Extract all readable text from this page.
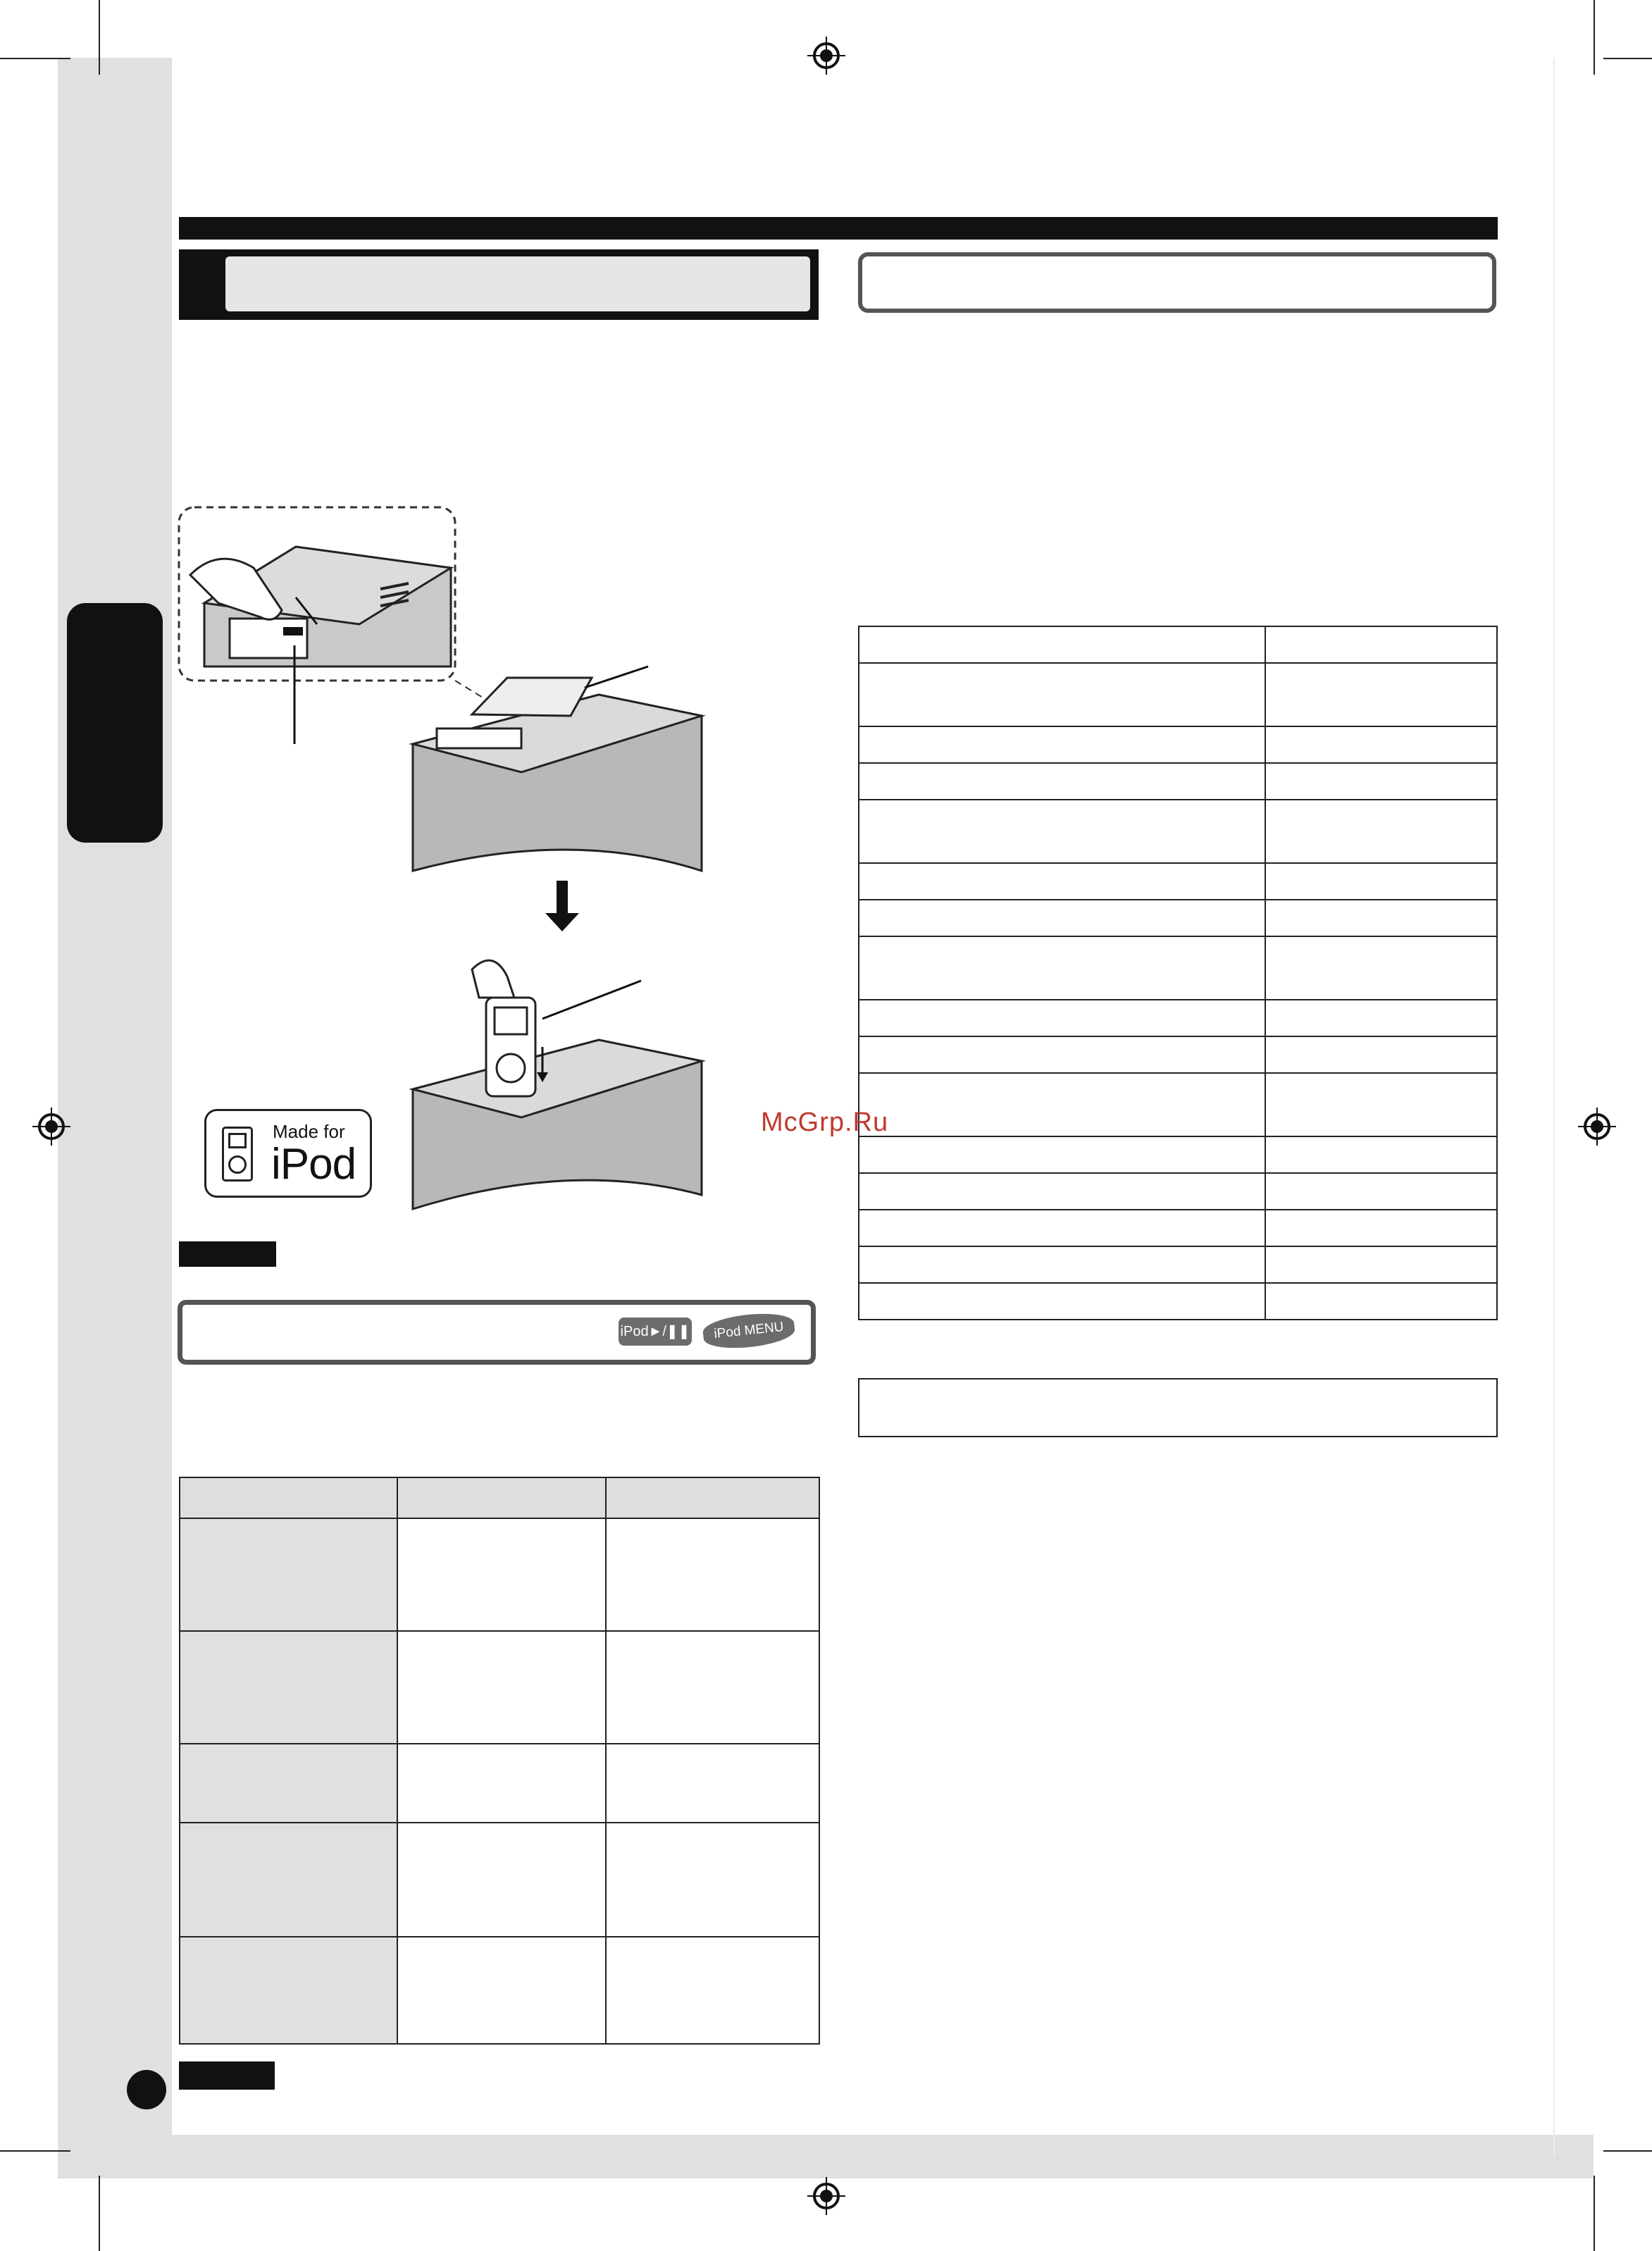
Made for
iPod
iPod►/❚❚	iPod MENU

McGrp.Ru
